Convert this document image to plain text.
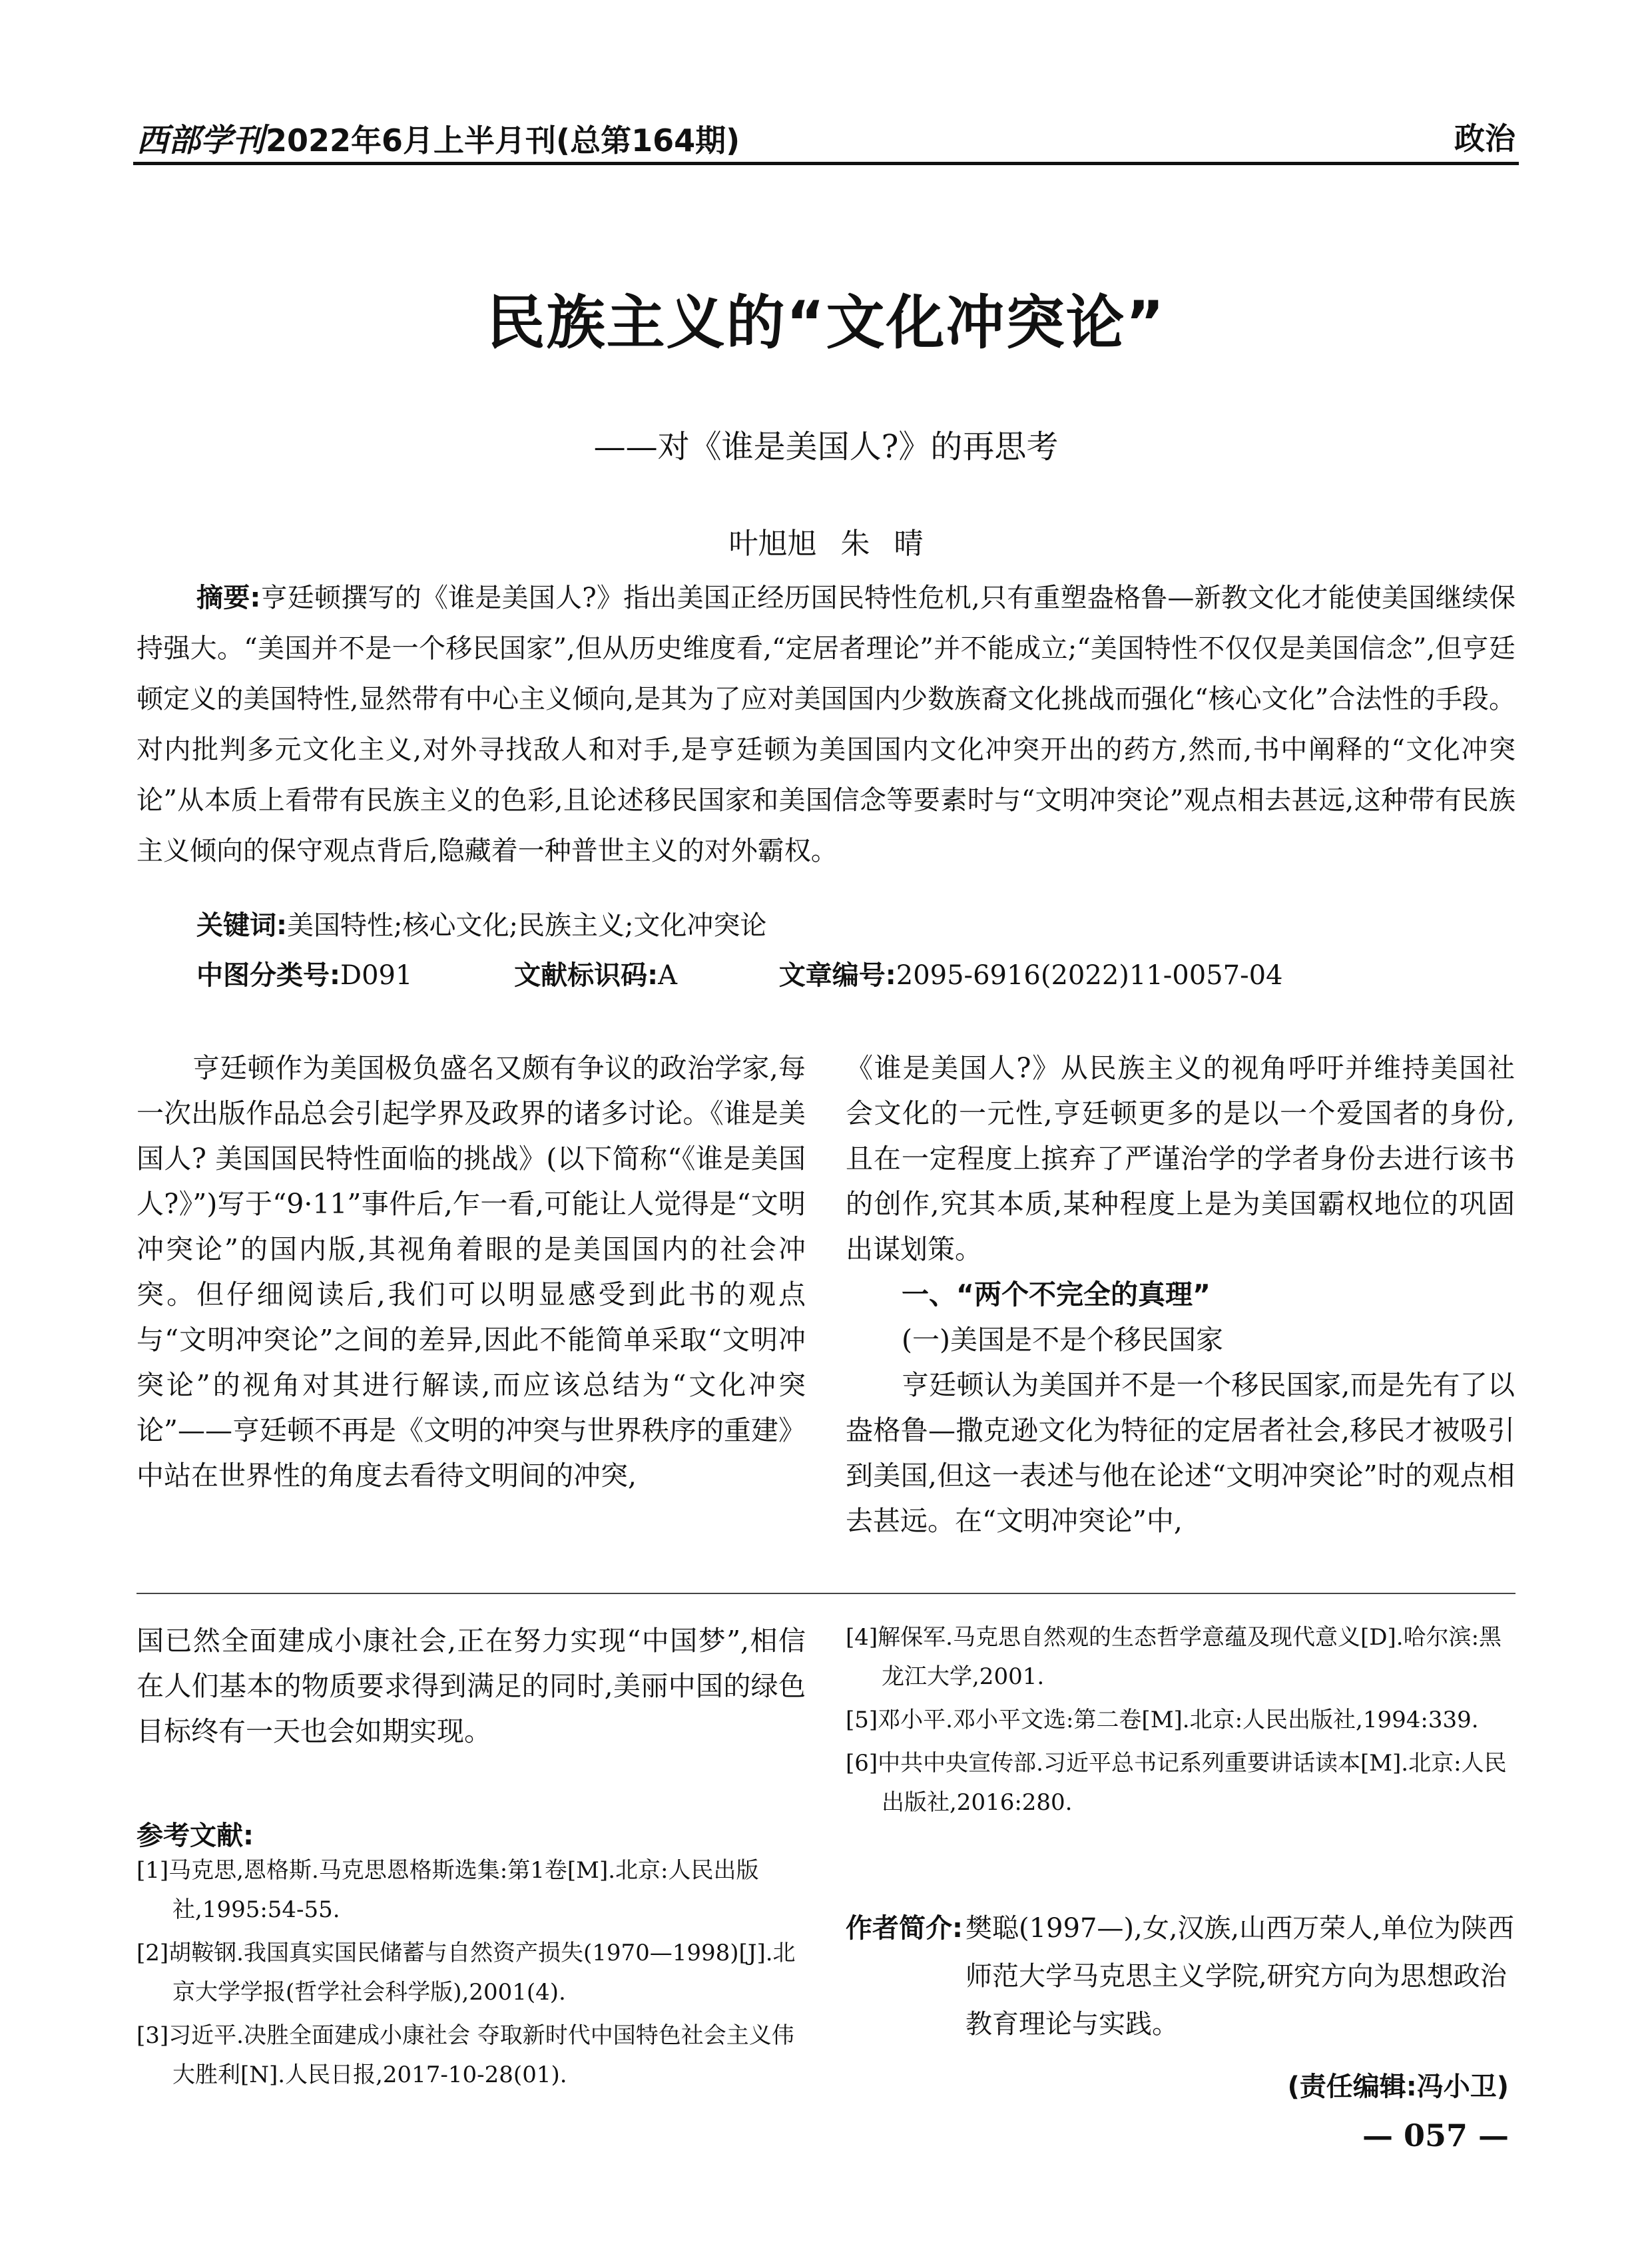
西部学刊2022年6月上半月刊(总第164期)	政治
民族主义的“文化冲突论”
——对《谁是美国人?》的再思考
叶旭旭 朱 晴
摘要:亨廷顿撰写的《谁是美国人?》指出美国正经历国民特性危机,只有重塑盎格鲁—新教文化才能使美国继续保持强大。“美国并不是一个移民国家”,但从历史维度看,“定居者理论”并不能成立;“美国特性不仅仅是美国信念”,但亨廷顿定义的美国特性,显然带有中心主义倾向,是其为了应对美国国内少数族裔文化挑战而强化“核心文化”合法性的手段。对内批判多元文化主义,对外寻找敌人和对手,是亨廷顿为美国国内文化冲突开出的药方,然而,书中阐释的“文化冲突论”从本质上看带有民族主义的色彩,且论述移民国家和美国信念等要素时与“文明冲突论”观点相去甚远,这种带有民族主义倾向的保守观点背后,隐藏着一种普世主义的对外霸权。
关键词:美国特性;核心文化;民族主义;文化冲突论
中图分类号:D091	文献标识码:A	文章编号:2095-6916(2022)11-0057-04

亨廷顿作为美国极负盛名又颇有争议的政治学家,每一次出版作品总会引起学界及政界的诸多讨论。《谁是美国人? 美国国民特性面临的挑战》(以下简称“《谁是美国人?》”)写于“9·11”事件后,乍一看,可能让人觉得是“文明冲突论”的国内版,其视角着眼的是美国国内的社会冲突。但仔细阅读后,我们可以明显感受到此书的观点与“文明冲突论”之间的差异,因此不能简单采取“文明冲突论”的视角对其进行解读,而应该总结为“文化冲突论”——亨廷顿不再是《文明的冲突与世界秩序的重建》中站在世界性的角度去看待文明间的冲突,

《谁是美国人?》从民族主义的视角呼吁并维持美国社会文化的一元性,亨廷顿更多的是以一个爱国者的身份,且在一定程度上摈弃了严谨治学的学者身份去进行该书的创作,究其本质,某种程度上是为美国霸权地位的巩固出谋划策。

一、“两个不完全的真理”

(一)美国是不是个移民国家

亨廷顿认为美国并不是一个移民国家,而是先有了以盎格鲁—撒克逊文化为特征的定居者社会,移民才被吸引到美国,但这一表述与他在论述“文明冲突论”时的观点相去甚远。在“文明冲突论”中,

国已然全面建成小康社会,正在努力实现“中国梦”,相信在人们基本的物质要求得到满足的同时,美丽中国的绿色目标终有一天也会如期实现。
参考文献:
[1]马克思,恩格斯.马克思恩格斯选集:第1卷[M].北京:人民出版社,1995:54-55.
[2]胡鞍钢.我国真实国民储蓄与自然资产损失(1970—1998)[J].北京大学学报(哲学社会科学版),2001(4).
[3]习近平.决胜全面建成小康社会 夺取新时代中国特色社会主义伟大胜利[N].人民日报,2017-10-28(01).
[4]解保军.马克思自然观的生态哲学意蕴及现代意义[D].哈尔滨:黑龙江大学,2001.
[5]邓小平.邓小平文选:第二卷[M].北京:人民出版社,1994:339.
[6]中共中央宣传部.习近平总书记系列重要讲话读本[M].北京:人民出版社,2016:280.
作者简介: 樊聪(1997—),女,汉族,山西万荣人,单位为陕西师范大学马克思主义学院,研究方向为思想政治教育理论与实践。
(责任编辑:冯小卫)
— 057 —
